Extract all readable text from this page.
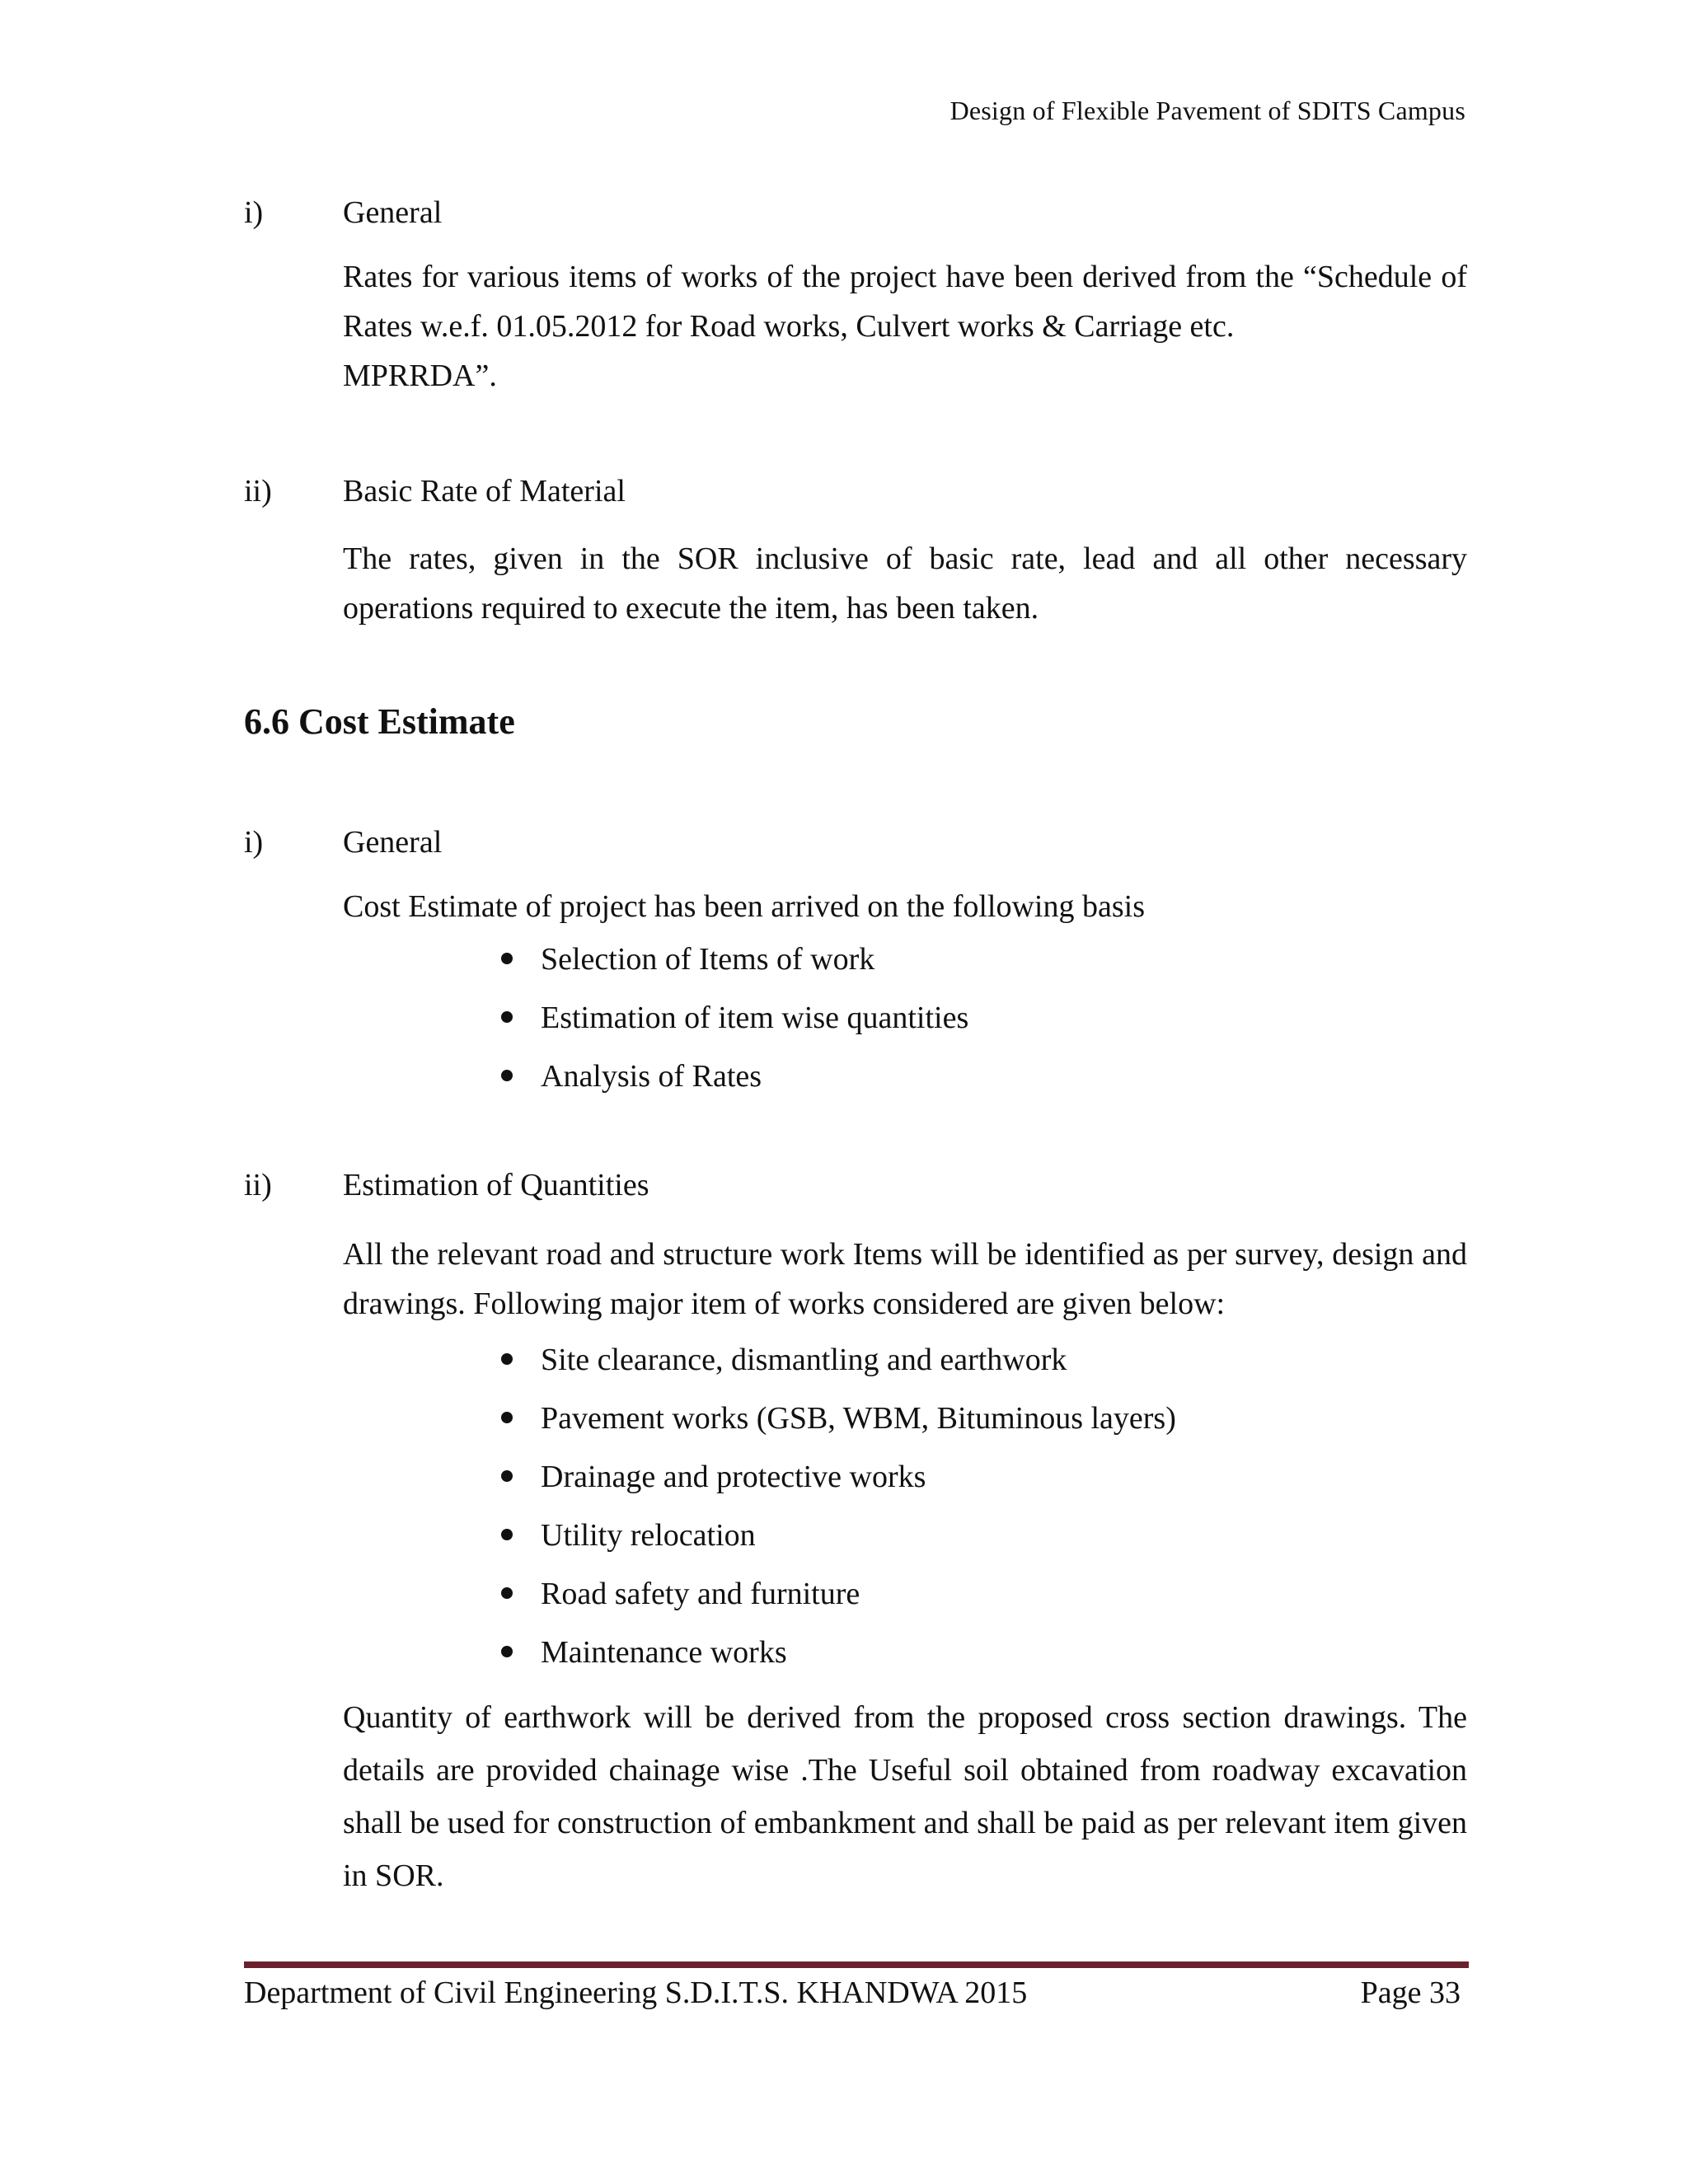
Design of Flexible Pavement of SDITS Campus
i)	General
Rates for various items of works of the project have been derived from the “Schedule of Rates w.e.f. 01.05.2012 for Road works, Culvert works & Carriage etc.
MPRRDA”.
ii) Basic Rate of Material
The rates, given in the SOR inclusive of basic rate, lead and all other necessary operations required to execute the item, has been taken.
6.6 Cost Estimate
i)	General
Cost Estimate of project has been arrived on the following basis
Selection of Items of work
Estimation of item wise quantities
Analysis of Rates
ii) Estimation of Quantities
All the relevant road and structure work Items will be identified as per survey, design and drawings. Following major item of works considered are given below:
Site clearance, dismantling and earthwork
Pavement works (GSB, WBM, Bituminous layers)
Drainage and protective works
Utility relocation
Road safety and furniture
Maintenance works
Quantity of earthwork will be derived from the proposed cross section drawings. The details are provided chainage wise .The Useful soil obtained from roadway excavation shall be used for construction of embankment and shall be paid as per relevant item given in SOR.
Department of Civil Engineering S.D.I.T.S. KHANDWA 2015	Page 33
